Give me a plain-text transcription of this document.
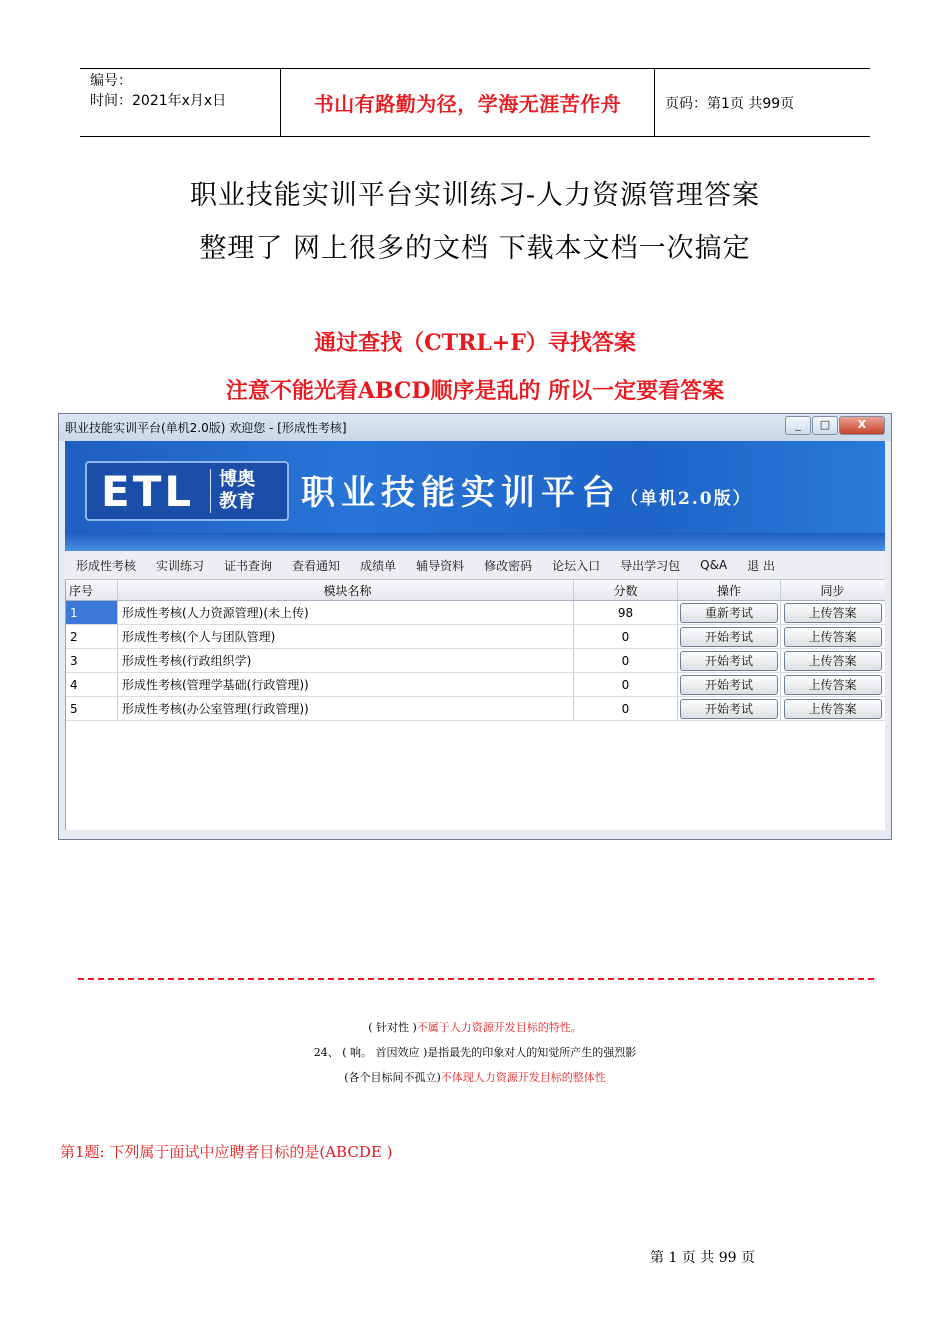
编号：
时间：2021年x月x日	书山有路勤为径，学海无涯苦作舟	页码：第1页 共99页
职业技能实训平台实训练习-人力资源管理答案
整理了 网上很多的文档 下载本文档一次搞定
通过查找（CTRL+F）寻找答案
注意不能光看ABCD顺序是乱的 所以一定要看答案
职业技能实训平台(单机2.0版) 欢迎您 - [形成性考核]	_	□	X
ETL 博奥
教育 职业技能实训平台（单机2.0版）
形成性考核	实训练习	证书查询	查看通知	成绩单	辅导资料	修改密码	论坛入口	导出学习包	Q&A	退 出
序号	模块名称	分数	操作	同步
1	形成性考核(人力资源管理)(未上传)	98	重新考试	上传答案
2	形成性考核(个人与团队管理)	0	开始考试	上传答案
3	形成性考核(行政组织学)	0	开始考试	上传答案
4	形成性考核(管理学基础(行政管理))	0	开始考试	上传答案
5	形成性考核(办公室管理(行政管理))	0	开始考试	上传答案
( 针对性 )不属于人力资源开发目标的特性。
24、 ( 响。 首因效应 )是指最先的印象对人的知觉所产生的强烈影
(各个目标间不孤立)不体现人力资源开发目标的整体性
第1题: 下列属于面试中应聘者目标的是(ABCDE )
第 1 页 共 99 页
